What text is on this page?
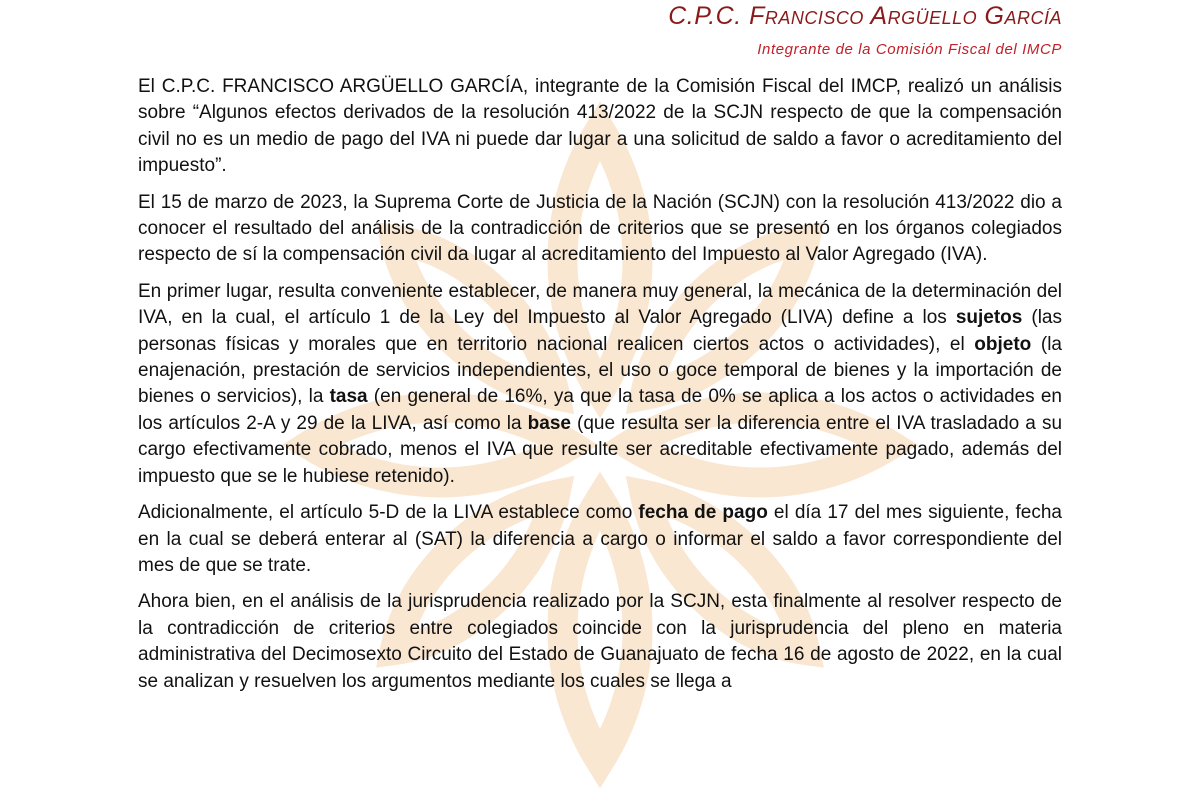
C.P.C. Francisco Argüello García
Integrante de la Comisión Fiscal del IMCP

El C.P.C. FRANCISCO ARGÜELLO GARCÍA, integrante de la Comisión Fiscal del IMCP, realizó un análisis sobre “Algunos efectos derivados de la resolución 413/2022 de la SCJN respecto de que la compensación civil no es un medio de pago del IVA ni puede dar lugar a una solicitud de saldo a favor o acreditamiento del impuesto”.

El 15 de marzo de 2023, la Suprema Corte de Justicia de la Nación (SCJN) con la resolución 413/2022 dio a conocer el resultado del análisis de la contradicción de criterios que se presentó en los órganos colegiados respecto de sí la compensación civil da lugar al acreditamiento del Impuesto al Valor Agregado (IVA).

En primer lugar, resulta conveniente establecer, de manera muy general, la mecánica de la determinación del IVA, en la cual, el artículo 1 de la Ley del Impuesto al Valor Agregado (LIVA) define a los sujetos (las personas físicas y morales que en territorio nacional realicen ciertos actos o actividades), el objeto (la enajenación, prestación de servicios independientes, el uso o goce temporal de bienes y la importación de bienes o servicios), la tasa (en general de 16%, ya que la tasa de 0% se aplica a los actos o actividades en los artículos 2-A y 29 de la LIVA, así como la base (que resulta ser la diferencia entre el IVA trasladado a su cargo efectivamente cobrado, menos el IVA que resulte ser acreditable efectivamente pagado, además del impuesto que se le hubiese retenido).

Adicionalmente, el artículo 5-D de la LIVA establece como fecha de pago el día 17 del mes siguiente, fecha en la cual se deberá enterar al (SAT) la diferencia a cargo o informar el saldo a favor correspondiente del mes de que se trate.

Ahora bien, en el análisis de la jurisprudencia realizado por la SCJN, esta finalmente al resolver respecto de la contradicción de criterios entre colegiados coincide con la jurisprudencia del pleno en materia administrativa del Decimosexto Circuito del Estado de Guanajuato de fecha 16 de agosto de 2022, en la cual se analizan y resuelven los argumentos mediante los cuales se llega a
